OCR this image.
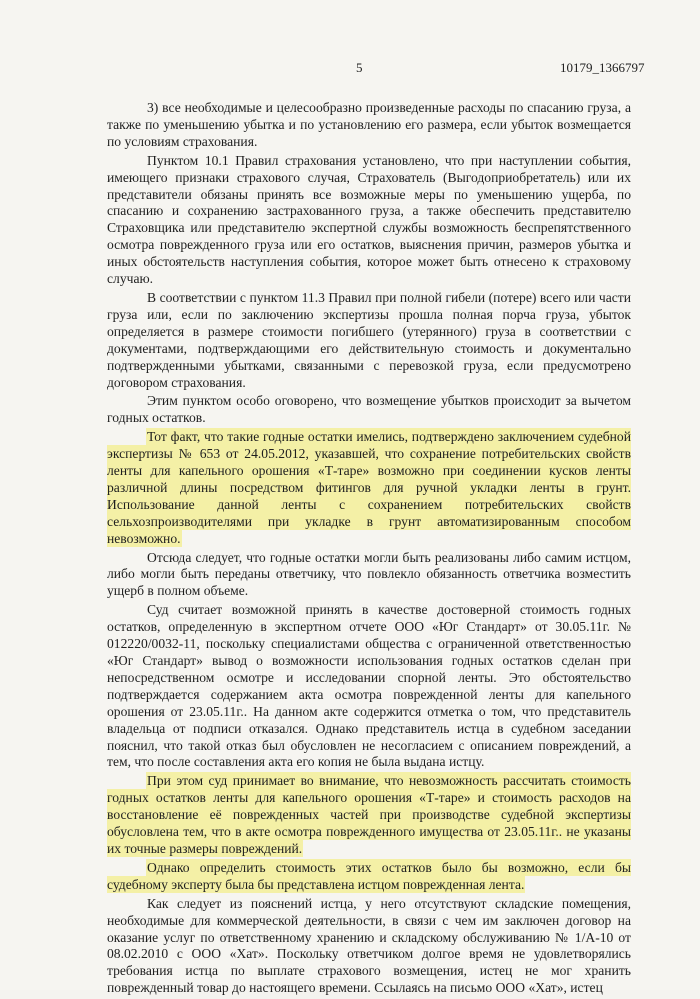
5	10179_1366797

3) все необходимые и целесообразно произведенные расходы по спасанию груза, а также по уменьшению убытка и по установлению его размера, если убыток возмещается по условиям страхования.

Пунктом 10.1 Правил страхования установлено, что при наступлении события, имеющего признаки страхового случая, Страхователь (Выгодоприобретатель) или их представители обязаны принять все возможные меры по уменьшению ущерба, по спасанию и сохранению застрахованного груза, а также обеспечить представителю Страховщика или представителю экспертной службы возможность беспрепятственного осмотра поврежденного груза или его остатков, выяснения причин, размеров убытка и иных обстоятельств наступления события, которое может быть отнесено к страховому случаю.

В соответствии с пунктом 11.3 Правил при полной гибели (потере) всего или части груза или, если по заключению экспертизы прошла полная порча груза, убыток определяется в размере стоимости погибшего (утерянного) груза в соответствии с документами, подтверждающими его действительную стоимость и документально подтвержденными убытками, связанными с перевозкой груза, если предусмотрено договором страхования.

Этим пунктом особо оговорено, что возмещение убытков происходит за вычетом годных остатков.

Тот факт, что такие годные остатки имелись, подтверждено заключением судебной экспертизы № 653 от 24.05.2012, указавшей, что сохранение потребительских свойств ленты для капельного орошения «Т-таре» возможно при соединении кусков ленты различной длины посредством фитингов для ручной укладки ленты в грунт. Использование данной ленты с сохранением потребительских свойств сельхозпроизводителями при укладке в грунт автоматизированным способом невозможно.

Отсюда следует, что годные остатки могли быть реализованы либо самим истцом, либо могли быть переданы ответчику, что повлекло обязанность ответчика возместить ущерб в полном объеме.

Суд считает возможной принять в качестве достоверной стоимость годных остатков, определенную в экспертном отчете ООО «Юг Стандарт» от 30.05.11г. № 012220/0032-11, поскольку специалистами общества с ограниченной ответственностью «Юг Стандарт» вывод о возможности использования годных остатков сделан при непосредственном осмотре и исследовании спорной ленты. Это обстоятельство подтверждается содержанием акта осмотра поврежденной ленты для капельного орошения от 23.05.11г.. На данном акте содержится отметка о том, что представитель владельца от подписи отказался. Однако представитель истца в судебном заседании пояснил, что такой отказ был обусловлен не несогласием с описанием повреждений, а тем, что после составления акта его копия не была выдана истцу.

При этом суд принимает во внимание, что невозможность рассчитать стоимость годных остатков ленты для капельного орошения «Т-таре» и стоимость расходов на восстановление её поврежденных частей при производстве судебной экспертизы обусловлена тем, что в акте осмотра поврежденного имущества от 23.05.11г.. не указаны их точные размеры повреждений.

Однако определить стоимость этих остатков было бы возможно, если бы судебному эксперту была бы представлена истцом поврежденная лента.

Как следует из пояснений истца, у него отсутствуют складские помещения, необходимые для коммерческой деятельности, в связи с чем им заключен договор на оказание услуг по ответственному хранению и складскому обслуживанию № 1/А-10 от 08.02.2010 с ООО «Хат». Поскольку ответчиком долгое время не удовлетворялись требования истца по выплате страхового возмещения, истец не мог хранить поврежденный товар до настоящего времени. Ссылаясь на письмо ООО «Хат», истец
